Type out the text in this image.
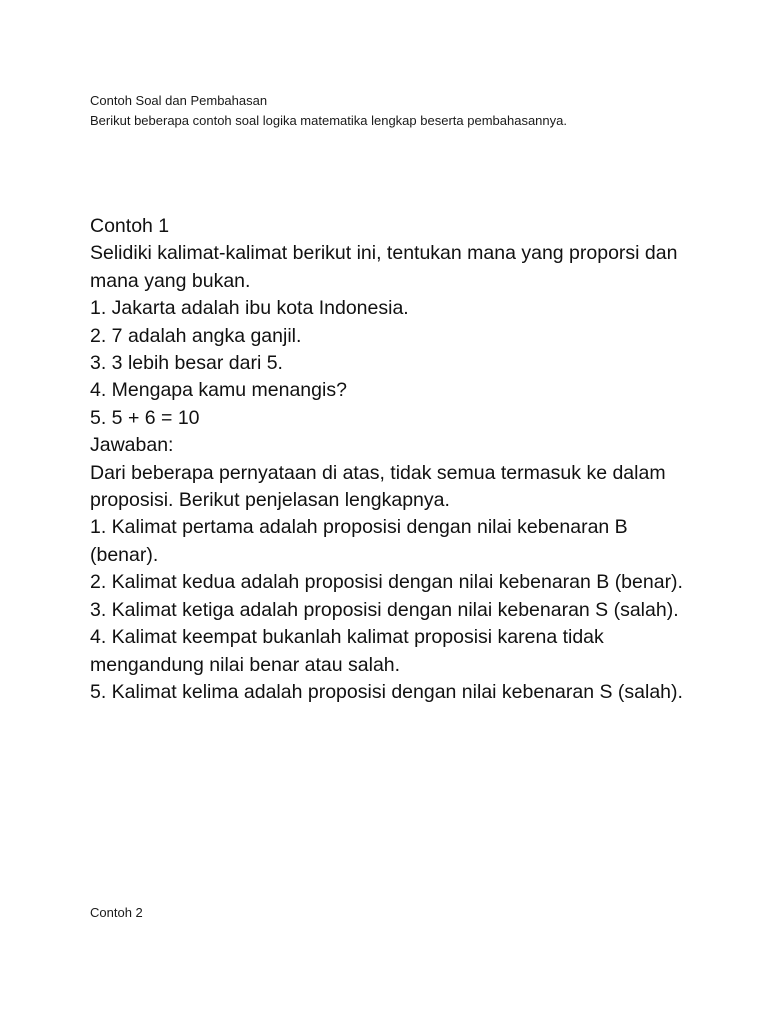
Contoh Soal dan Pembahasan
Berikut beberapa contoh soal logika matematika lengkap beserta pembahasannya.

Contoh 1

Selidiki kalimat-kalimat berikut ini, tentukan mana yang proporsi dan mana yang bukan.

1. Jakarta adalah ibu kota Indonesia.

2. 7 adalah angka ganjil.

3. 3 lebih besar dari 5.

4. Mengapa kamu menangis?

5. 5 + 6 = 10

Jawaban:

Dari beberapa pernyataan di atas, tidak semua termasuk ke dalam proposisi. Berikut penjelasan lengkapnya.

1. Kalimat pertama adalah proposisi dengan nilai kebenaran B (benar).

2. Kalimat kedua adalah proposisi dengan nilai kebenaran B (benar).

3. Kalimat ketiga adalah proposisi dengan nilai kebenaran S (salah).

4. Kalimat keempat bukanlah kalimat proposisi karena tidak mengandung nilai benar atau salah.

5. Kalimat kelima adalah proposisi dengan nilai kebenaran S (salah).

Contoh 2
